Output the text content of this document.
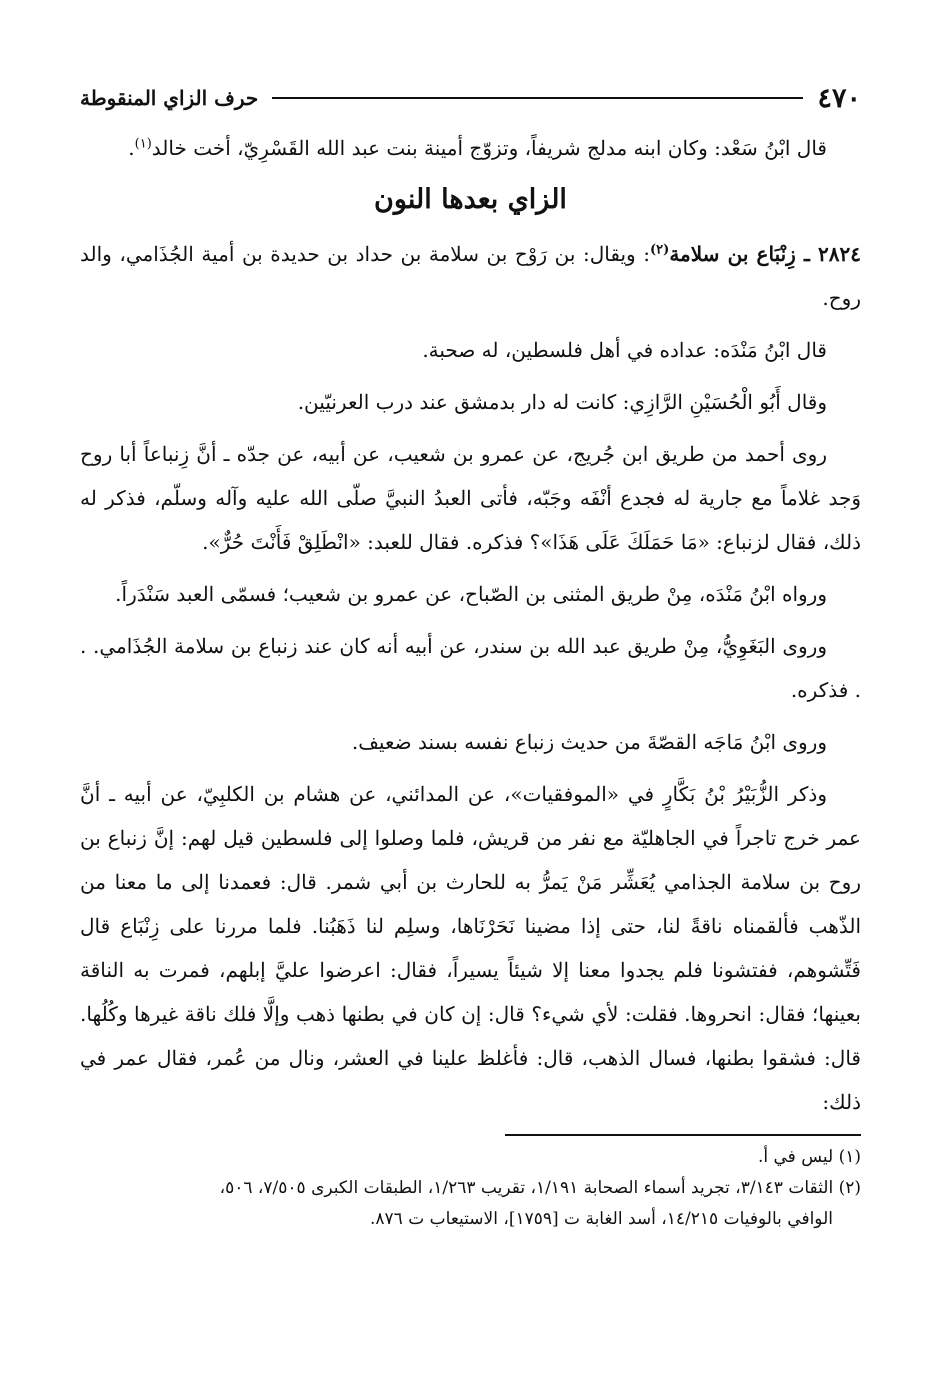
٤٧٠
حرف الزاي المنقوطة

قال ابْنُ سَعْد: وكان ابنه مدلج شريفاً، وتزوّج أمينة بنت عبد الله القَسْرِيّ، أخت خالد$^{(١)}$.

الزاي بعدها النون

٢٨٢٤ ـ زِنْبَاع بن سلامة$^{(٢)}$: ويقال: بن رَوْح بن سلامة بن حداد بن حديدة بن أمية الجُذَامي، والد روح.

قال ابْنُ مَنْدَه: عداده في أهل فلسطين، له صحبة.

وقال أَبُو الْحُسَيْنِ الرَّازِي: كانت له دار بدمشق عند درب العرنيّين.

روى أحمد من طريق ابن جُريج، عن عمرو بن شعيب، عن أبيه، عن جدّه ـ أنَّ زِنباعاً أبا روح وَجد غلاماً مع جارية له فجدع أنْفَه وجَبّه، فأتى العبدُ النبيَّ صلّى الله عليه وآله وسلّم، فذكر له ذلك، فقال لزنباع: «مَا حَمَلَكَ عَلَى هَذَا»؟ فذكره. فقال للعبد: «انْطَلِقْ فَأَنْتَ حُرٌّ».

ورواه ابْنُ مَنْدَه، مِنْ طريق المثنى بن الصّباح، عن عمرو بن شعيب؛ فسمّى العبد سَنْدَراً.

وروى البَغَوِيُّ، مِنْ طريق عبد الله بن سندر، عن أبيه أنه كان عند زنباع بن سلامة الجُذَامي. . . فذكره.

وروى ابْنُ مَاجَه القصّةَ من حديث زنباع نفسه بسند ضعيف.

وذكر الزُّبَيْرُ بْنُ بَكَّارٍ في «الموفقيات»، عن المدائني، عن هشام بن الكلبِيّ، عن أبيه ـ أنَّ عمر خرج تاجراً في الجاهليّة مع نفر من قريش، فلما وصلوا إلى فلسطين قيل لهم: إنَّ زنباع بن روح بن سلامة الجذامي يُعَشِّر مَنْ يَمرُّ به للحارث بن أبي شمر. قال: فعمدنا إلى ما معنا من الذّهب فألقمناه ناقةً لنا، حتى إذا مضينا نَحَرْنَاها، وسلِم لنا ذَهَبُنا. فلما مررنا على زِنْبَاع قال فَتِّشوهم، ففتشونا فلم يجدوا معنا إلا شيئاً يسيراً، فقال: اعرضوا عليَّ إبلهم، فمرت به الناقة بعينها؛ فقال: انحروها. فقلت: لأي شيء؟ قال: إن كان في بطنها ذهب وإلَّا فلك ناقة غيرها وكُلُها. قال: فشقوا بطنها، فسال الذهب، قال: فأغلظ علينا في العشر، ونال من عُمر، فقال عمر في ذلك:

(١) ليس في أ.

(٢) الثقات ٣/١٤٣، تجريد أسماء الصحابة ١/١٩١، تقريب ١/٢٦٣، الطبقات الكبرى ٧/٥٠٥، ٥٠٦،

الوافي بالوفيات ١٤/٢١٥، أسد الغابة ت [١٧٥٩]، الاستيعاب ت ٨٧٦.
